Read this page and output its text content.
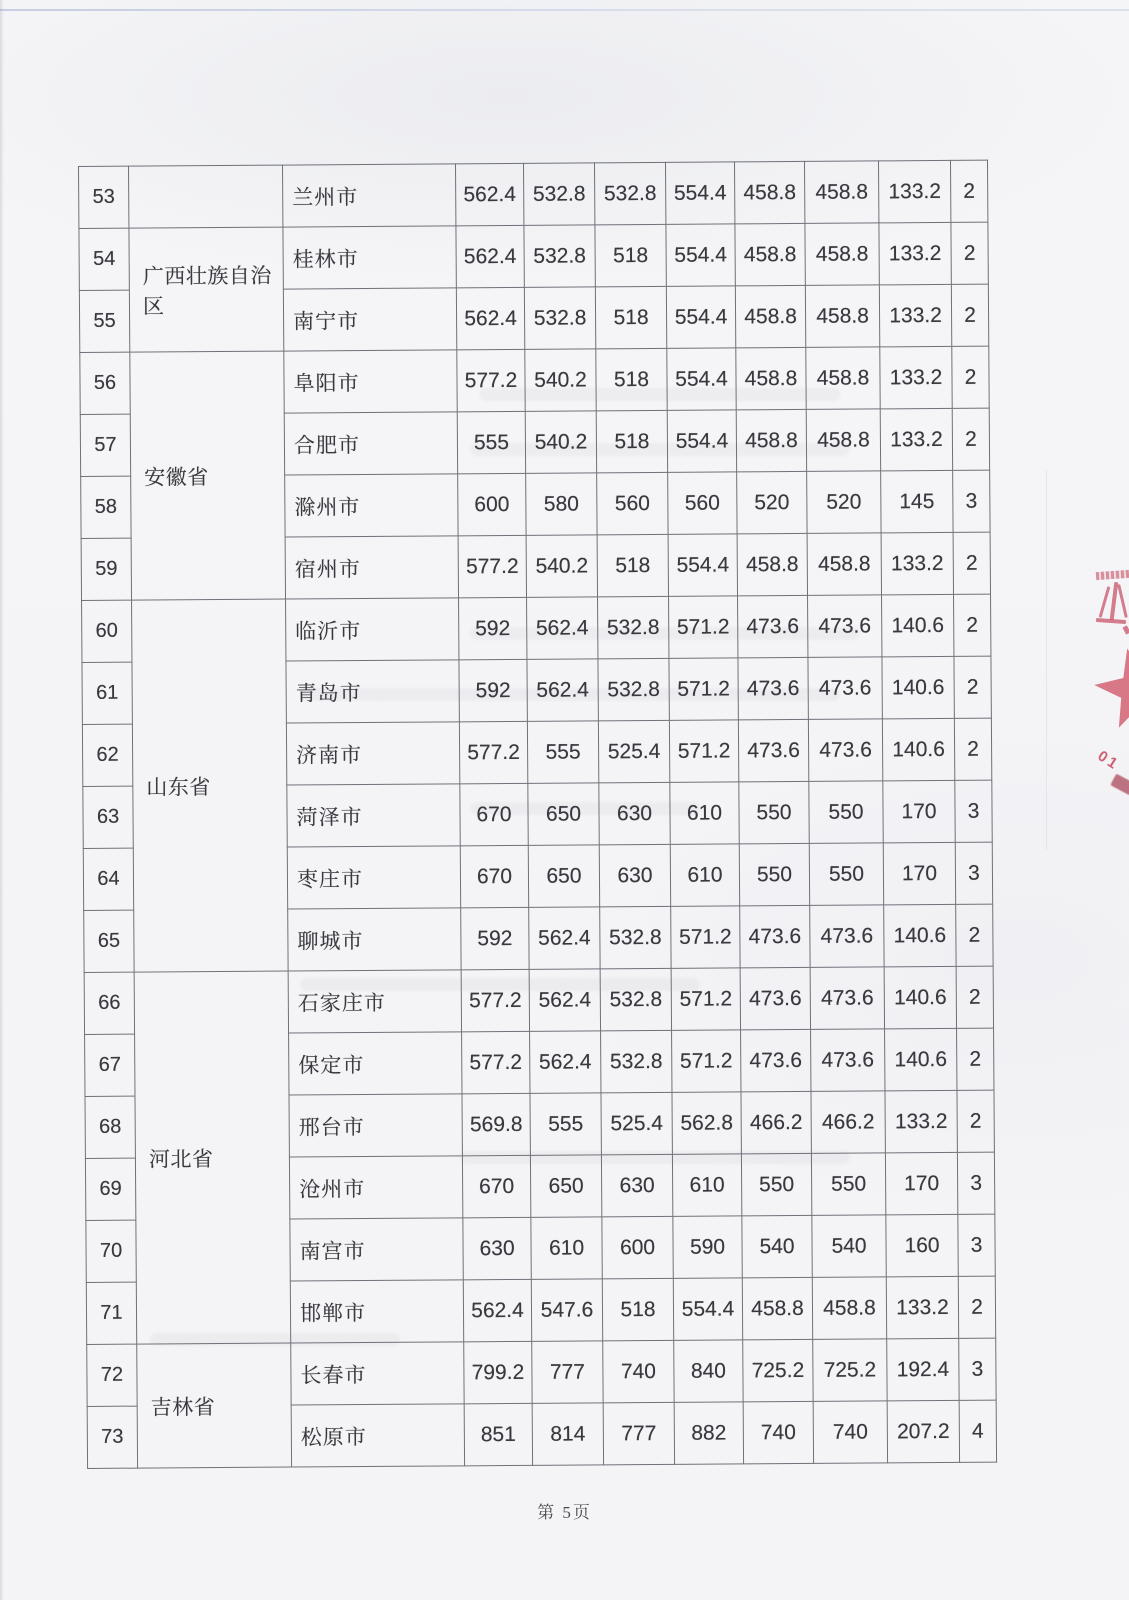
53		兰州市	562.4	532.8	532.8	554.4	458.8	458.8	133.2	2
54	广西壮族自治区	桂林市	562.4	532.8	518	554.4	458.8	458.8	133.2	2
55		南宁市	562.4	532.8	518	554.4	458.8	458.8	133.2	2
56	安徽省	阜阳市	577.2	540.2	518	554.4	458.8	458.8	133.2	2
57		合肥市	555	540.2	518	554.4	458.8	458.8	133.2	2
58		滁州市	600	580	560	560	520	520	145	3
59		宿州市	577.2	540.2	518	554.4	458.8	458.8	133.2	2
60	山东省	临沂市	592	562.4	532.8	571.2	473.6	473.6	140.6	2
61		青岛市	592	562.4	532.8	571.2	473.6	473.6	140.6	2
62		济南市	577.2	555	525.4	571.2	473.6	473.6	140.6	2
63		菏泽市	670	650	630	610	550	550	170	3
64		枣庄市	670	650	630	610	550	550	170	3
65		聊城市	592	562.4	532.8	571.2	473.6	473.6	140.6	2
66	河北省	石家庄市	577.2	562.4	532.8	571.2	473.6	473.6	140.6	2
67		保定市	577.2	562.4	532.8	571.2	473.6	473.6	140.6	2
68		邢台市	569.8	555	525.4	562.8	466.2	466.2	133.2	2
69		沧州市	670	650	630	610	550	550	170	3
70		南宫市	630	610	600	590	540	540	160	3
71		邯郸市	562.4	547.6	518	554.4	458.8	458.8	133.2	2
72	吉林省	长春市	799.2	777	740	840	725.2	725.2	192.4	3
73		松原市	851	814	777	882	740	740	207.2	4
01
第 5页
